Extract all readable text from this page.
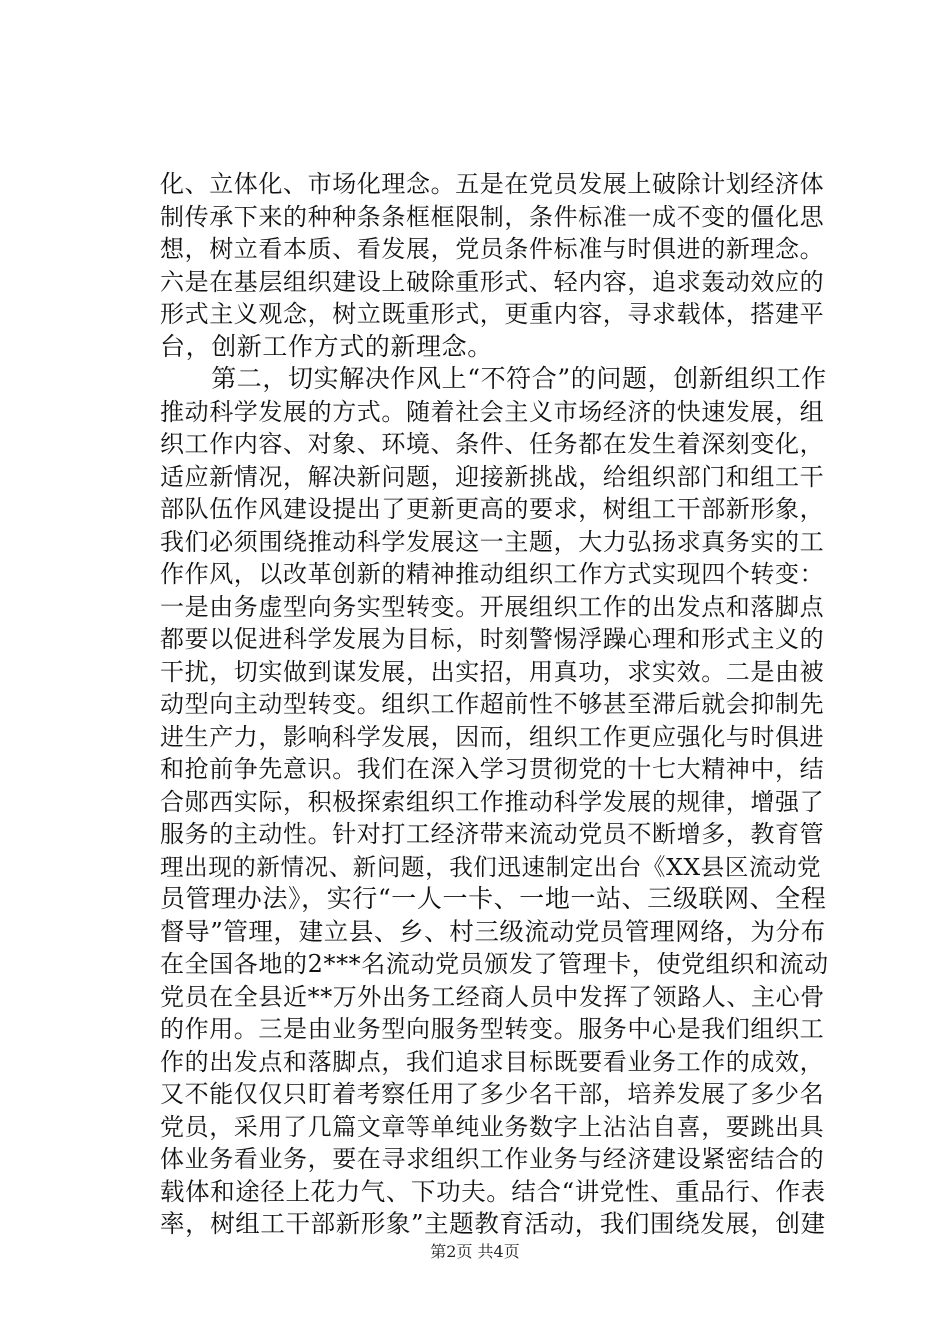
化、立体化、市场化理念。五是在党员发展上破除计划经济体
制传承下来的种种条条框框限制，条件标准一成不变的僵化思
想，树立看本质、看发展，党员条件标准与时俱进的新理念。
六是在基层组织建设上破除重形式、轻内容，追求轰动效应的
形式主义观念，树立既重形式，更重内容，寻求载体，搭建平
台，创新工作方式的新理念。
　　第二，切实解决作风上“不符合”的问题，创新组织工作
推动科学发展的方式。随着社会主义市场经济的快速发展，组
织工作内容、对象、环境、条件、任务都在发生着深刻变化，
适应新情况，解决新问题，迎接新挑战，给组织部门和组工干
部队伍作风建设提出了更新更高的要求，树组工干部新形象，
我们必须围绕推动科学发展这一主题，大力弘扬求真务实的工
作作风，以改革创新的精神推动组织工作方式实现四个转变：
一是由务虚型向务实型转变。开展组织工作的出发点和落脚点
都要以促进科学发展为目标，时刻警惕浮躁心理和形式主义的
干扰，切实做到谋发展，出实招，用真功，求实效。二是由被
动型向主动型转变。组织工作超前性不够甚至滞后就会抑制先
进生产力，影响科学发展，因而，组织工作更应强化与时俱进
和抢前争先意识。我们在深入学习贯彻党的十七大精神中，结
合郧西实际，积极探索组织工作推动科学发展的规律，增强了
服务的主动性。针对打工经济带来流动党员不断增多，教育管
理出现的新情况、新问题，我们迅速制定出台《XX县区流动党
员管理办法》，实行“一人一卡、一地一站、三级联网、全程
督导”管理，建立县、乡、村三级流动党员管理网络，为分布
在全国各地的2***名流动党员颁发了管理卡，使党组织和流动
党员在全县近**万外出务工经商人员中发挥了领路人、主心骨
的作用。三是由业务型向服务型转变。服务中心是我们组织工
作的出发点和落脚点，我们追求目标既要看业务工作的成效，
又不能仅仅只盯着考察任用了多少名干部，培养发展了多少名
党员，采用了几篇文章等单纯业务数字上沾沾自喜，要跳出具
体业务看业务，要在寻求组织工作业务与经济建设紧密结合的
载体和途径上花力气、下功夫。结合“讲党性、重品行、作表
率，树组工干部新形象”主题教育活动，我们围绕发展，创建
第2页 共4页
